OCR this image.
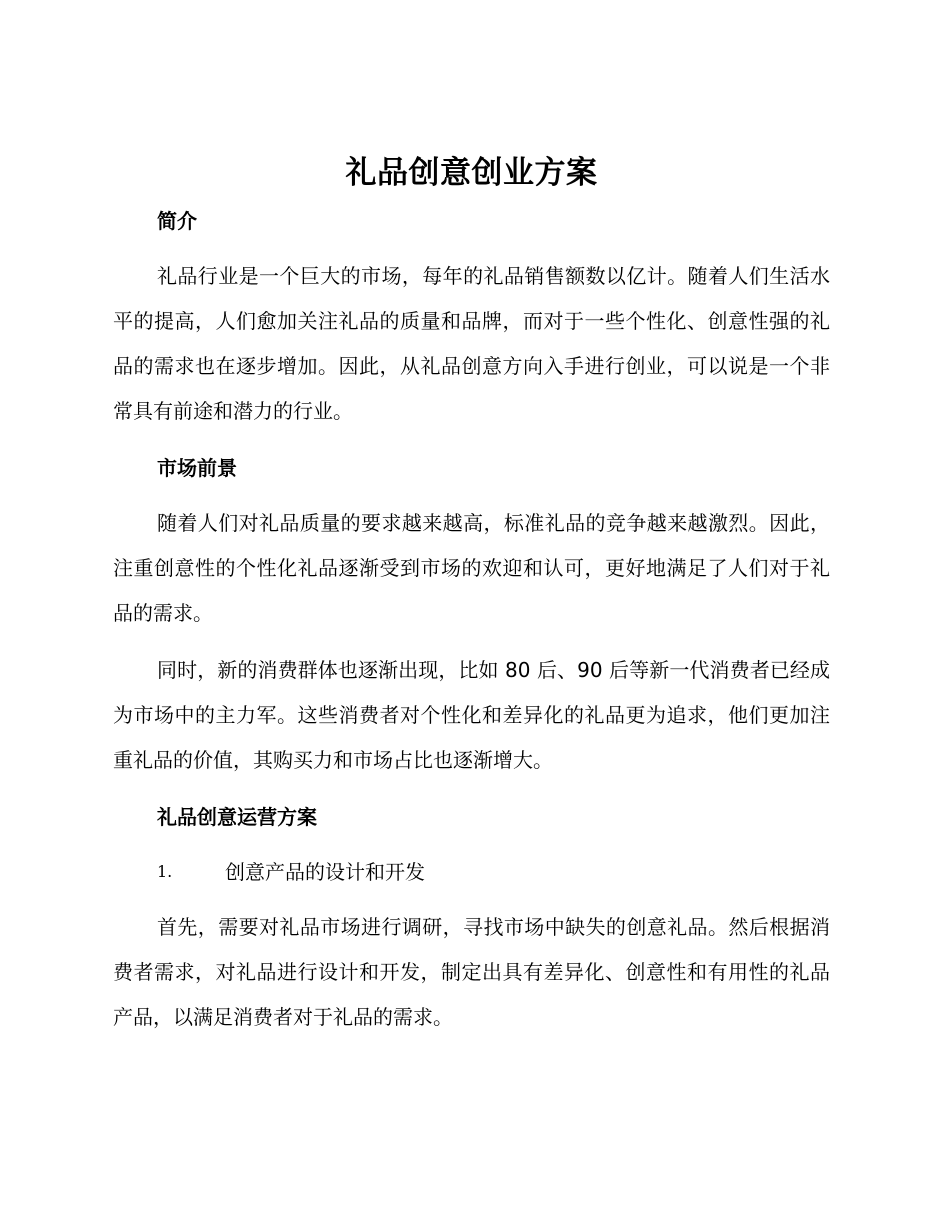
礼品创意创业方案
简介

礼品行业是一个巨大的市场，每年的礼品销售额数以亿计。随着人们生活水平的提高，人们愈加关注礼品的质量和品牌，而对于一些个性化、创意性强的礼品的需求也在逐步增加。因此，从礼品创意方向入手进行创业，可以说是一个非常具有前途和潜力的行业。

市场前景

随着人们对礼品质量的要求越来越高，标准礼品的竞争越来越激烈。因此，注重创意性的个性化礼品逐渐受到市场的欢迎和认可，更好地满足了人们对于礼品的需求。

同时，新的消费群体也逐渐出现，比如 80 后、90 后等新一代消费者已经成为市场中的主力军。这些消费者对个性化和差异化的礼品更为追求，他们更加注重礼品的价值，其购买力和市场占比也逐渐增大。

礼品创意运营方案
1.	创意产品的设计和开发

首先，需要对礼品市场进行调研，寻找市场中缺失的创意礼品。然后根据消费者需求，对礼品进行设计和开发，制定出具有差异化、创意性和有用性的礼品产品，以满足消费者对于礼品的需求。
